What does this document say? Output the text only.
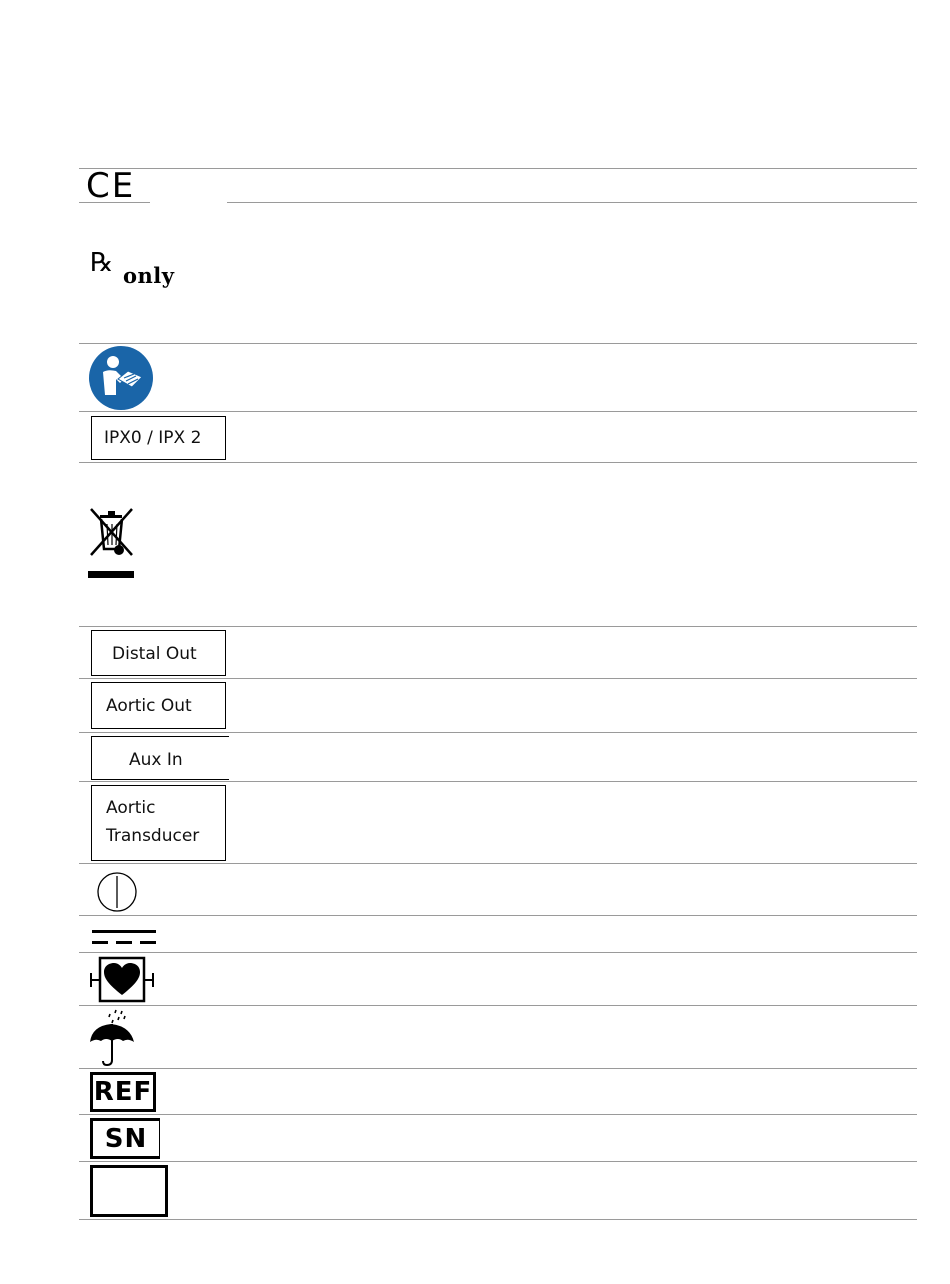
CE
℞ only
IPX0 / IPX 2
Distal Out
Aortic Out
Aux In
Aortic
Transducer
REF
SN
